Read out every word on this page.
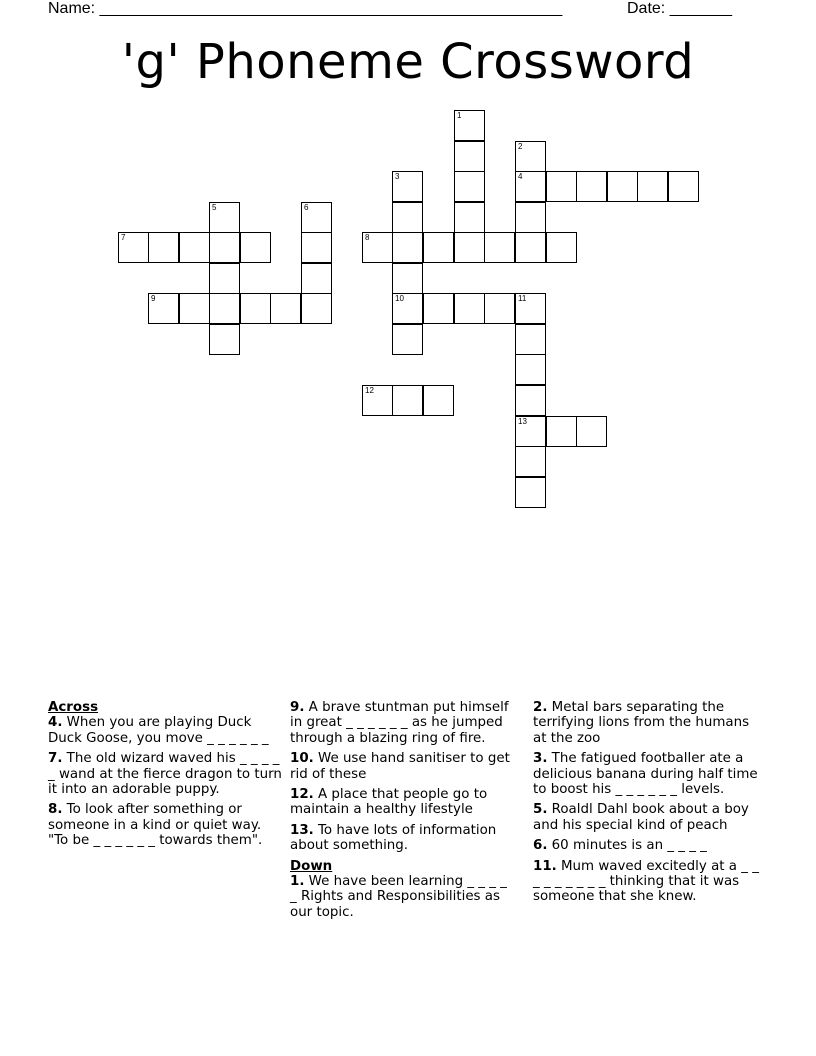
Name: ____________________________________________________	Date: _______
'g' Phoneme Crossword
1
2
4
3
10
8
11
13
12
5	6
7
9
Across
4. When you are playing Duck Duck Goose, you move _ _ _ _ _ _
7. The old wizard waved his _ _ _ _ _ wand at the fierce dragon to turn it into an adorable puppy.
8. To look after something or someone in a kind or quiet way. "To be _ _ _ _ _ _ towards them".
9. A brave stuntman put himself in great _ _ _ _ _ _ as he jumped through a blazing ring of fire.
10. We use hand sanitiser to get rid of these
12. A place that people go to maintain a healthy lifestyle
13. To have lots of information about something.
Down
1. We have been learning _ _ _ _ _ Rights and Responsibilities as our topic.
2. Metal bars separating the terrifying lions from the humans at the zoo
3. The fatigued footballer ate a delicious banana during half time to boost his _ _ _ _ _ _ levels.
5. Roaldl Dahl book about a boy and his special kind of peach
6. 60 minutes is an _ _ _ _
11. Mum waved excitedly at a _ _ _ _ _ _ _ _ _ thinking that it was someone that she knew.
